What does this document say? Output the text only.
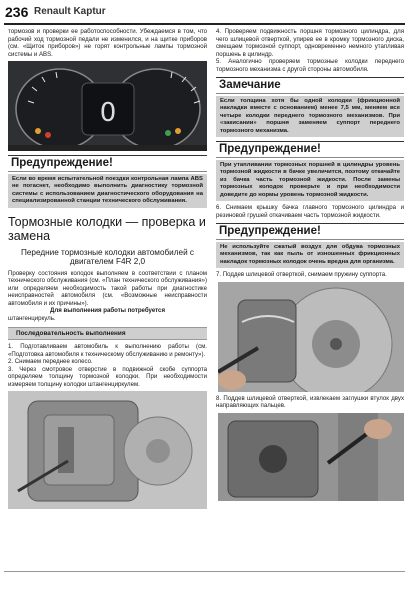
236 Renault Kaptur

тормозов и проверки ее работоспособности. Убеждаемся в том, что рабочий ход тормозной педали не изменился, и на щитке приборов (см. «Щиток приборов») не горят контрольные лампы тормозной системы и ABS.

0
Предупреждение!

Если во время испытательной поездки контрольная лампа ABS не погаснет, необходимо выполнить диагностику тормозной системы с использованием диагностического оборудования на специализированной станции технического обслуживания.

Тормозные колодки — проверка и замена
Передние тормозные колодки автомобилей с двигателем F4R 2,0

Проверку состояния колодок выполняем в соответствии с планом технического обслуживания (см. «План технического обслуживания») или определяем необходимость такой работы при диагностике неисправностей автомобиля (см. «Возможные неисправности автомобиля и их причины»).

Для выполнения работы потребуется

штангенциркуль.

Последовательность выполнения

1. Подготавливаем автомобиль к выполнению работы (см. «Подготовка автомобиля к техническому обслуживанию и ремонту»).

2. Снимаем переднее колесо.

3. Через смотровое отверстие в подвижной скобе суппорта определяем толщину тормозной колодки. При необходимости измеряем толщину колодки штангенциркулем.

4. Проверяем подвижность поршня тормозного цилиндра, для чего шлицевой отверткой, упирев ее в кромку тормозного диска, смещаем тормозной суппорт, одновременно немного утапливая поршень в цилиндр.

5. Аналогично проверяем тормозные колодки переднего тормозного механизма с другой стороны автомобиля.

Замечание

Если толщина хотя бы одной колодки (фрикционной накладки вместе с основанием) менее 7,5 мм, меняем все четыре колодки переднего тормозного механизмов. При «закисании» поршня заменяем суппорт переднего тормозного механизма.

Предупреждение!

При утапливании тормозных поршней в цилиндры уровень тормозной жидкости в бачке увеличится, поэтому откачайте из бачка часть тормозной жидкости. После замены тормозных колодок проверьте и при необходимости доведите до нормы уровень тормозной жидкости.

6. Снимаем крышку бачка главного тормозного цилиндра и резиновой грушей откачиваем часть тормозной жидкости.

Предупреждение!

Не используйте сжатый воздух для обдува тормозных механизмов, так как пыль от изношенных фрикционных накладок тормозных колодок очень вредна для организма.

7. Поддев шлицевой отверткой, снимаем пружину суппорта.

8. Поддев шлицевой отверткой, извлекаем заглушки втулок двух направляющих пальцев.
